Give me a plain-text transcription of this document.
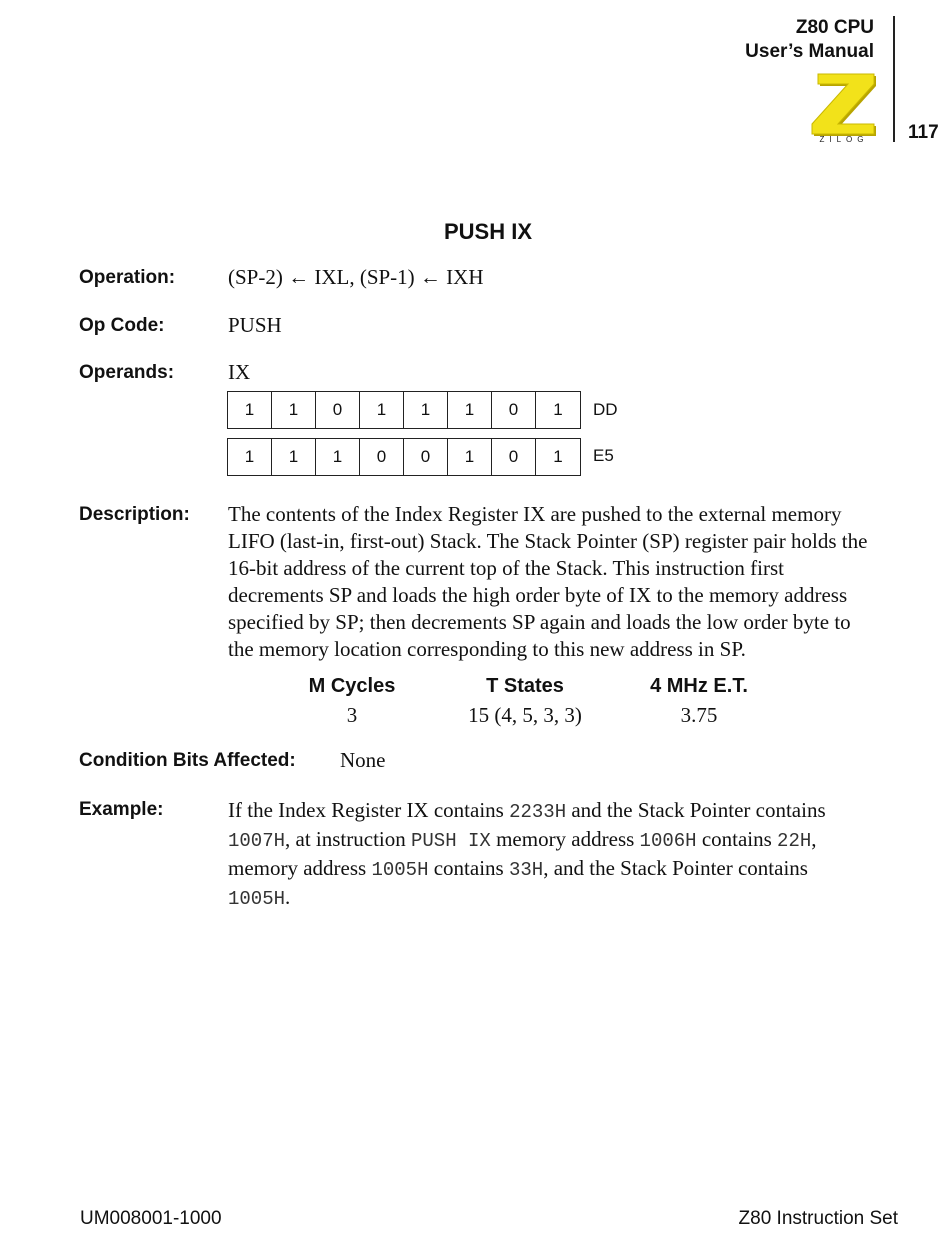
Z80 CPU
User’s Manual
ZILOG 117
PUSH IX
Operation:	(SP-2) ← IXL, (SP-1) ← IXH
Op Code:	PUSH
Operands:	IX
1	1	0	1	1	1	0	1	DD
1	1	1	0	0	1	0	1	E5
Description: The contents of the Index Register IX are pushed to the external memory
LIFO (last-in, first-out) Stack. The Stack Pointer (SP) register pair holds the
16-bit address of the current top of the Stack. This instruction first
decrements SP and loads the high order byte of IX to the memory address
specified by SP; then decrements SP again and loads the low order byte to
the memory location corresponding to this new address in SP.
M Cycles	T States	4 MHz E.T.
3	15 (4, 5, 3, 3)	3.75
Condition Bits Affected: None
Example:	If the Index Register IX contains 2233H and the Stack Pointer contains
1007H, at instruction PUSH IX memory address 1006H contains 22H,
memory address 1005H contains 33H, and the Stack Pointer contains
1005H.
UM008001-1000	Z80 Instruction Set
